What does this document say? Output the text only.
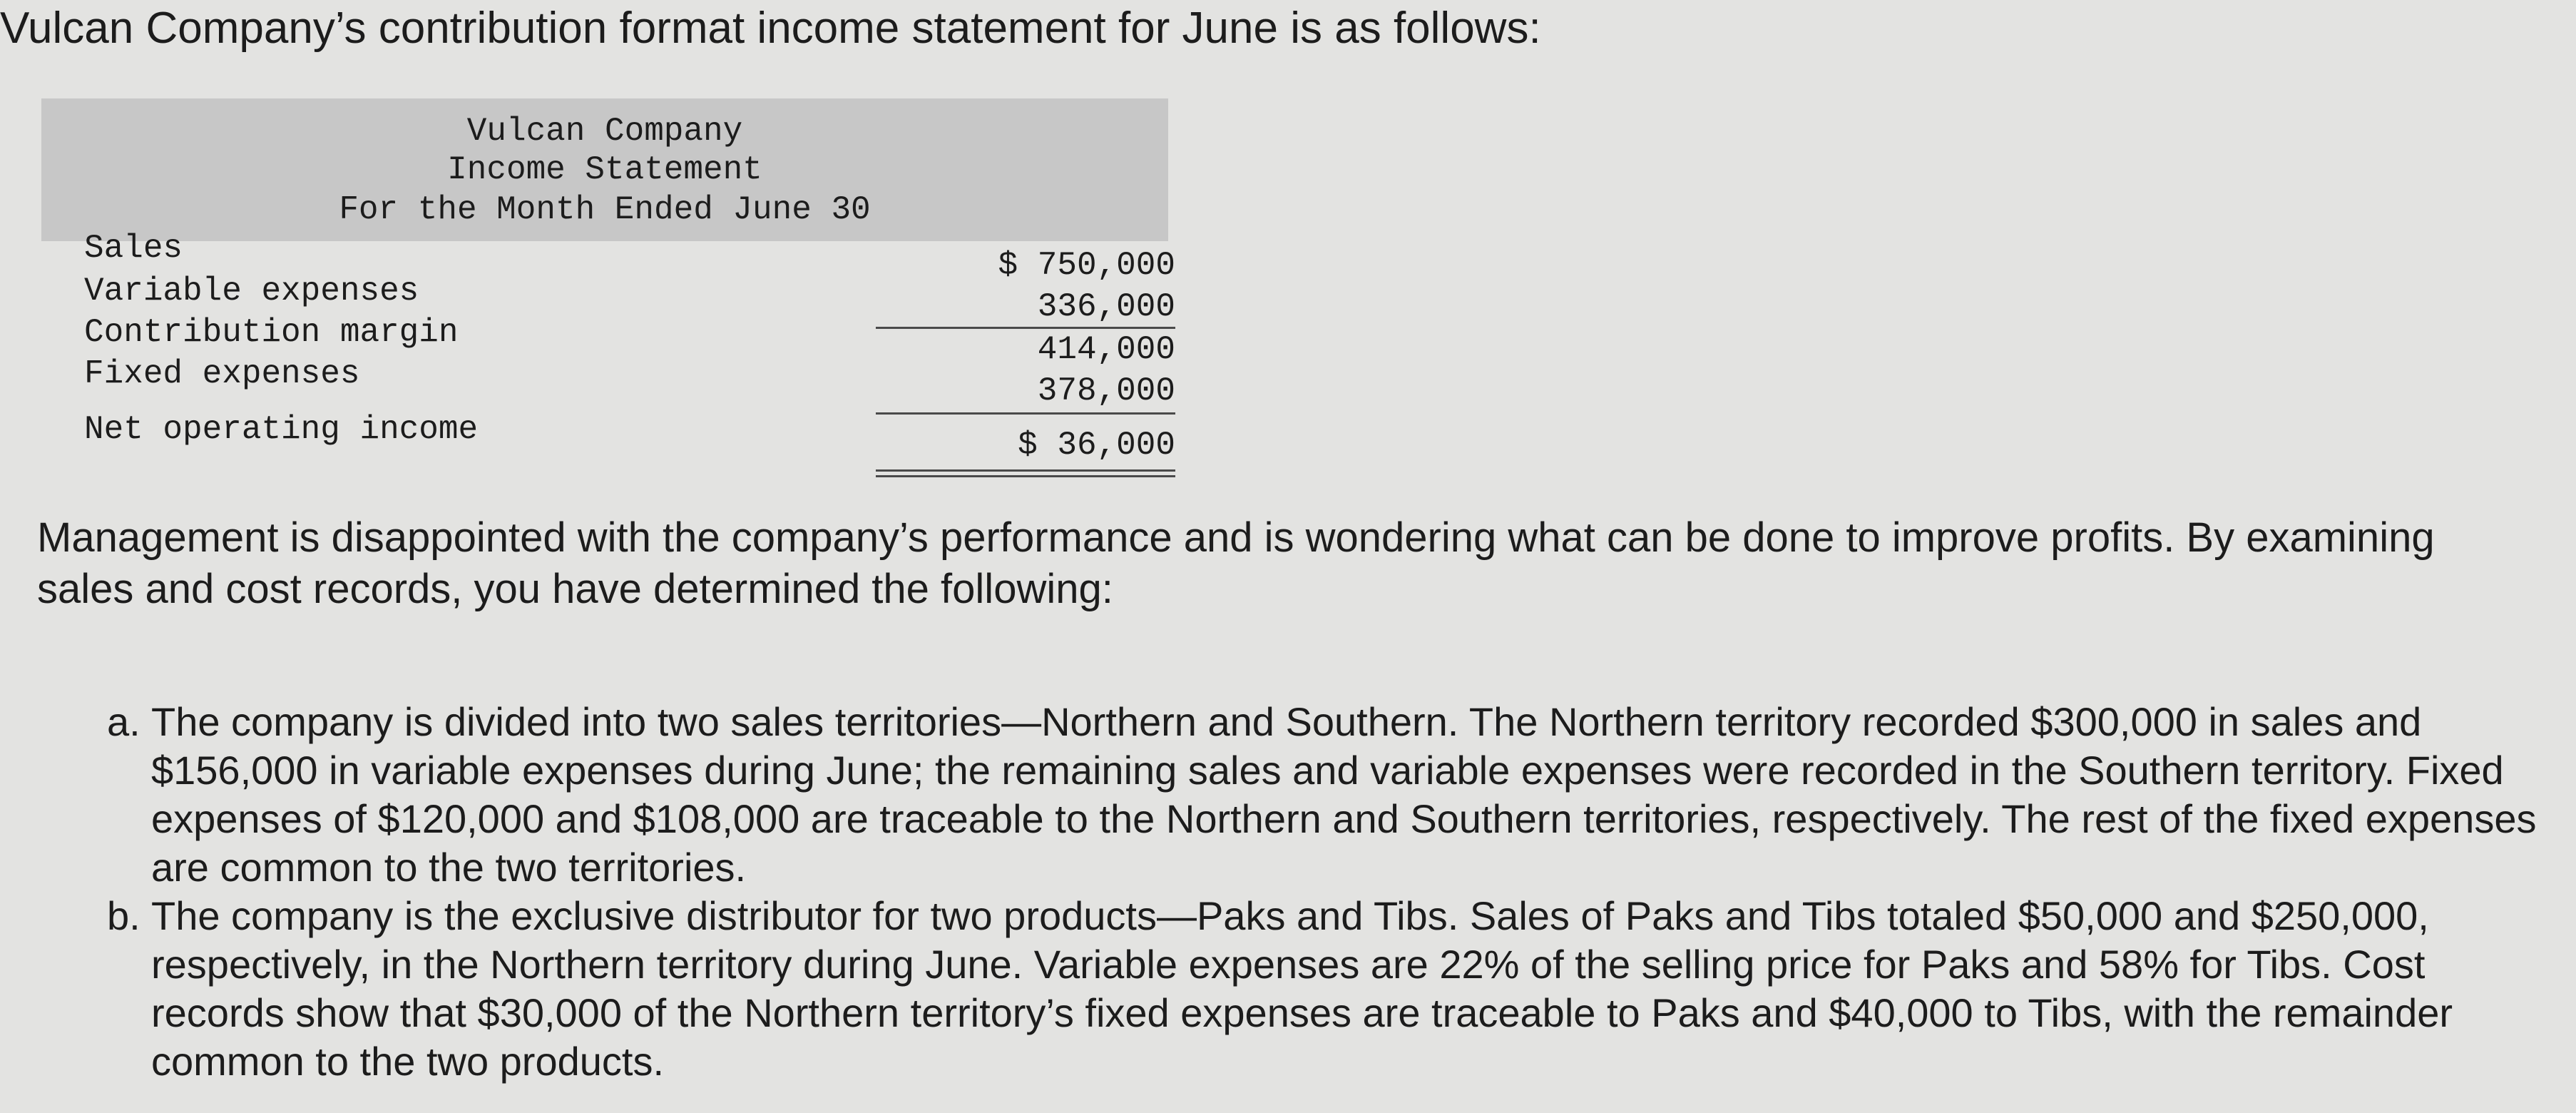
Vulcan Company’s contribution format income statement for June is as follows:
Vulcan Company
Income Statement
For the Month Ended June 30
Sales	$ 750,000
Variable expenses	336,000
Contribution margin	414,000
Fixed expenses	378,000
Net operating income	$ 36,000
Management is disappointed with the company’s performance and is wondering what can be done to improve profits. By examining sales and cost records, you have determined the following:
a. The company is divided into two sales territories—Northern and Southern. The Northern territory recorded $300,000 in sales and $156,000 in variable expenses during June; the remaining sales and variable expenses were recorded in the Southern territory. Fixed expenses of $120,000 and $108,000 are traceable to the Northern and Southern territories, respectively. The rest of the fixed expenses are common to the two territories.
b. The company is the exclusive distributor for two products—Paks and Tibs. Sales of Paks and Tibs totaled $50,000 and $250,000, respectively, in the Northern territory during June. Variable expenses are 22% of the selling price for Paks and 58% for Tibs. Cost records show that $30,000 of the Northern territory’s fixed expenses are traceable to Paks and $40,000 to Tibs, with the remainder common to the two products.
